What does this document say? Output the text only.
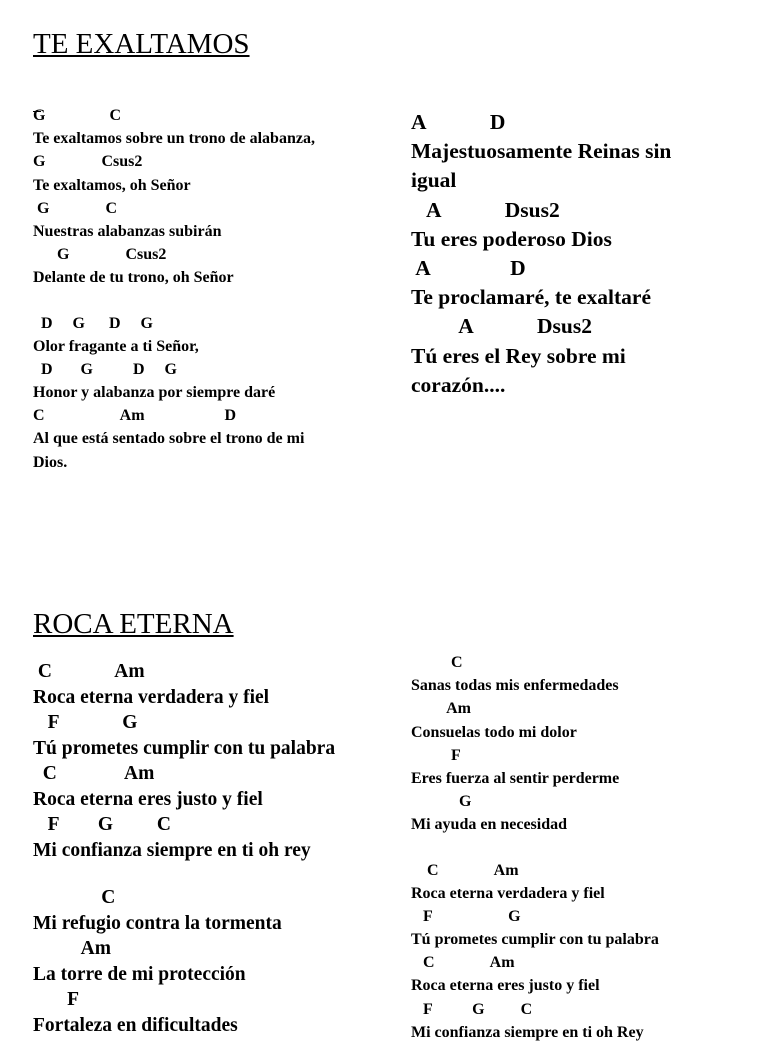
TE EXALTAMOS
G                C
Te exaltamos sobre un trono de alabanza,
G              Csus2
Te exaltamos, oh Señor
G              C
Nuestras alabanzas subirán
G              Csus2
Delante de tu trono, oh Señor
D     G      D     G
Olor fragante a ti Señor,
D       G          D     G
Honor y alabanza por siempre daré
C                   Am                    D
Al que está sentado sobre el trono de mi
Dios.
A            D
Majestuosamente Reinas sin
igual
A            Dsus2
Tu eres poderoso Dios
A               D
Te proclamaré, te exaltaré
A            Dsus2
Tú eres el Rey sobre mi
corazón....
ROCA ETERNA
C             Am
Roca eterna verdadera y fiel
F             G
Tú prometes cumplir con tu palabra
C              Am
Roca eterna eres justo y fiel
F        G         C
Mi confianza siempre en ti oh rey
C
Mi refugio contra la tormenta
Am
La torre de mi protección
F
Fortaleza en dificultades
C
Sanas todas mis enfermedades
Am
Consuelas todo mi dolor
F
Eres fuerza al sentir perderme
G
Mi ayuda en necesidad
C              Am
Roca eterna verdadera y fiel
F                   G
Tú prometes cumplir con tu palabra
C              Am
Roca eterna eres justo y fiel
F          G         C
Mi confianza siempre en ti oh Rey
